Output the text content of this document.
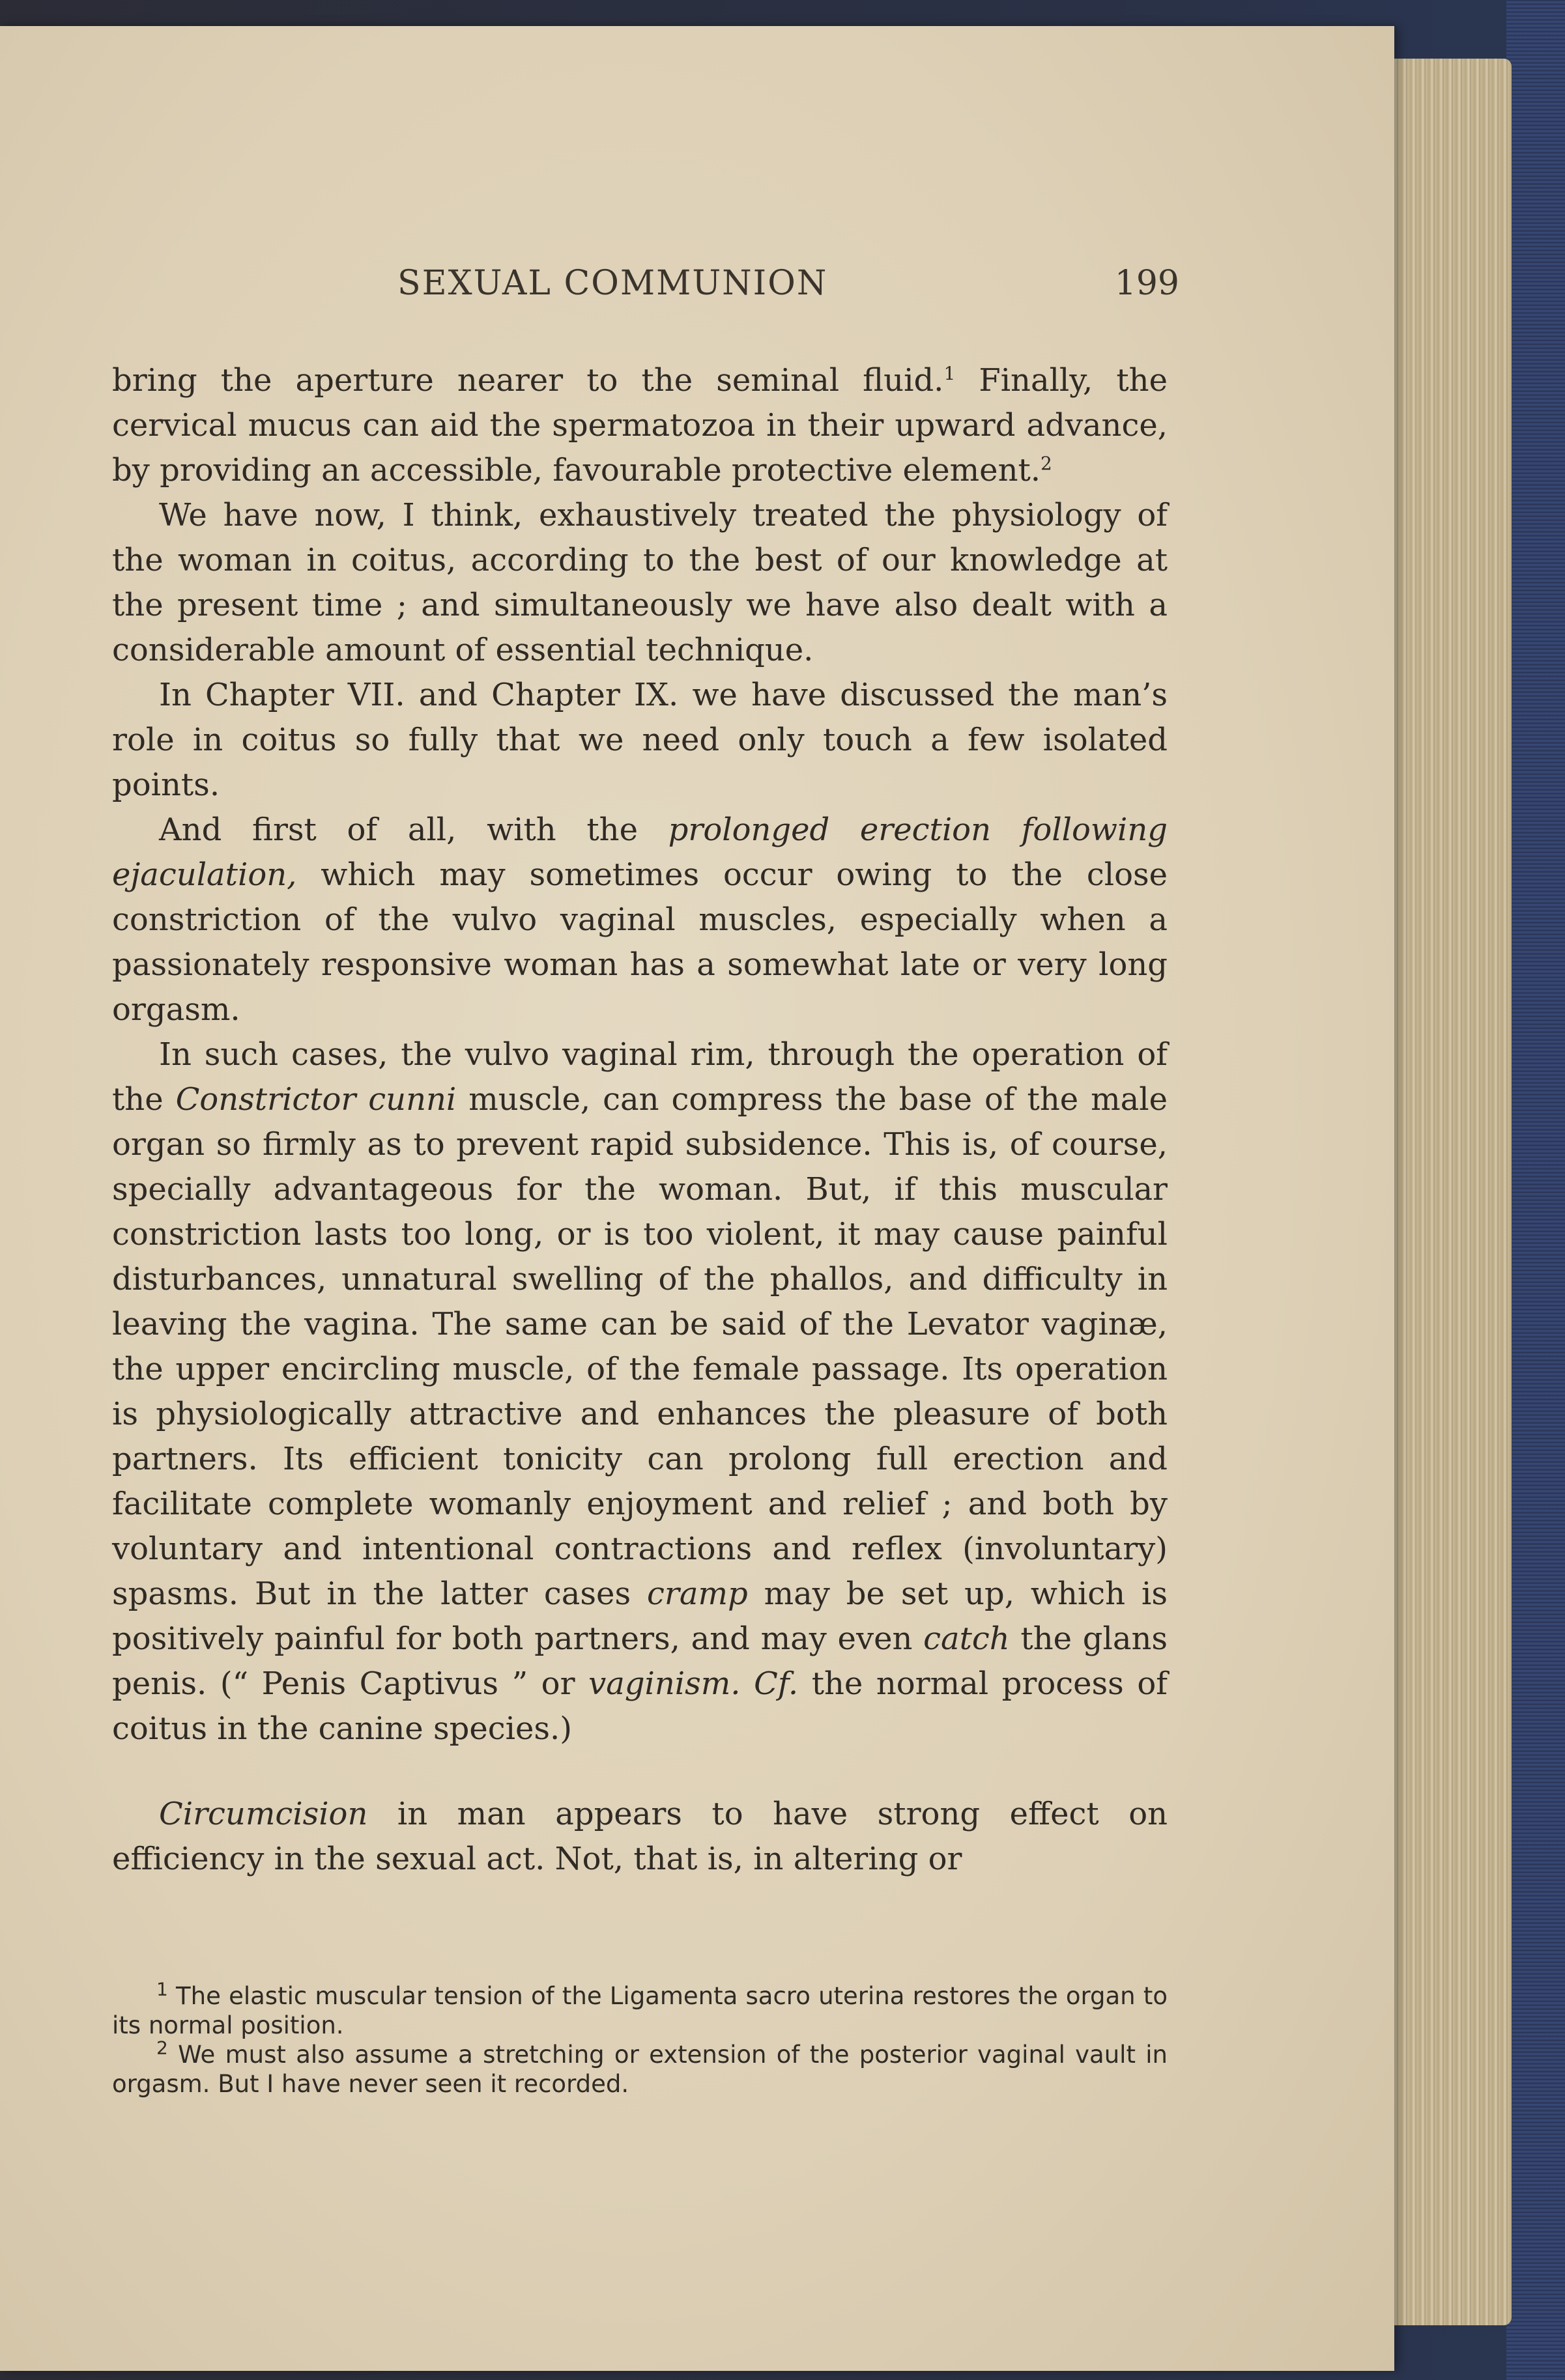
SEXUAL COMMUNION	199

bring the aperture nearer to the seminal fluid.$^1$ Finally, the cervical mucus can aid the spermatozoa in their upward advance, by providing an accessible, favourable protective element.$^2$

We have now, I think, exhaustively treated the physiology of the woman in coitus, according to the best of our knowledge at the present time ; and simultaneously we have also dealt with a considerable amount of essential technique.

In Chapter VII. and Chapter IX. we have discussed the man’s role in coitus so fully that we need only touch a few isolated points.

And first of all, with the prolonged erection following ejaculation, which may sometimes occur owing to the close constriction of the vulvo vaginal muscles, especially when a passionately responsive woman has a somewhat late or very long orgasm.

In such cases, the vulvo vaginal rim, through the operation of the Constrictor cunni muscle, can compress the base of the male organ so firmly as to prevent rapid subsidence. This is, of course, specially advantageous for the woman. But, if this muscular constriction lasts too long, or is too violent, it may cause painful disturbances, unnatural swelling of the phallos, and difficulty in leaving the vagina. The same can be said of the Levator vaginæ, the upper encircling muscle, of the female passage. Its operation is physiologically attractive and enhances the pleasure of both partners. Its efficient tonicity can prolong full erection and facilitate complete womanly enjoyment and relief ; and both by voluntary and intentional contractions and reflex (involuntary) spasms. But in the latter cases cramp may be set up, which is positively painful for both partners, and may even catch the glans penis. (“ Penis Captivus ” or vaginism. Cf. the normal process of coitus in the canine species.)

Circumcision in man appears to have strong effect on efficiency in the sexual act. Not, that is, in altering or

$^1$ The elastic muscular tension of the Ligamenta sacro uterina restores the organ to its normal position.

$^2$ We must also assume a stretching or extension of the posterior vaginal vault in orgasm. But I have never seen it recorded.
